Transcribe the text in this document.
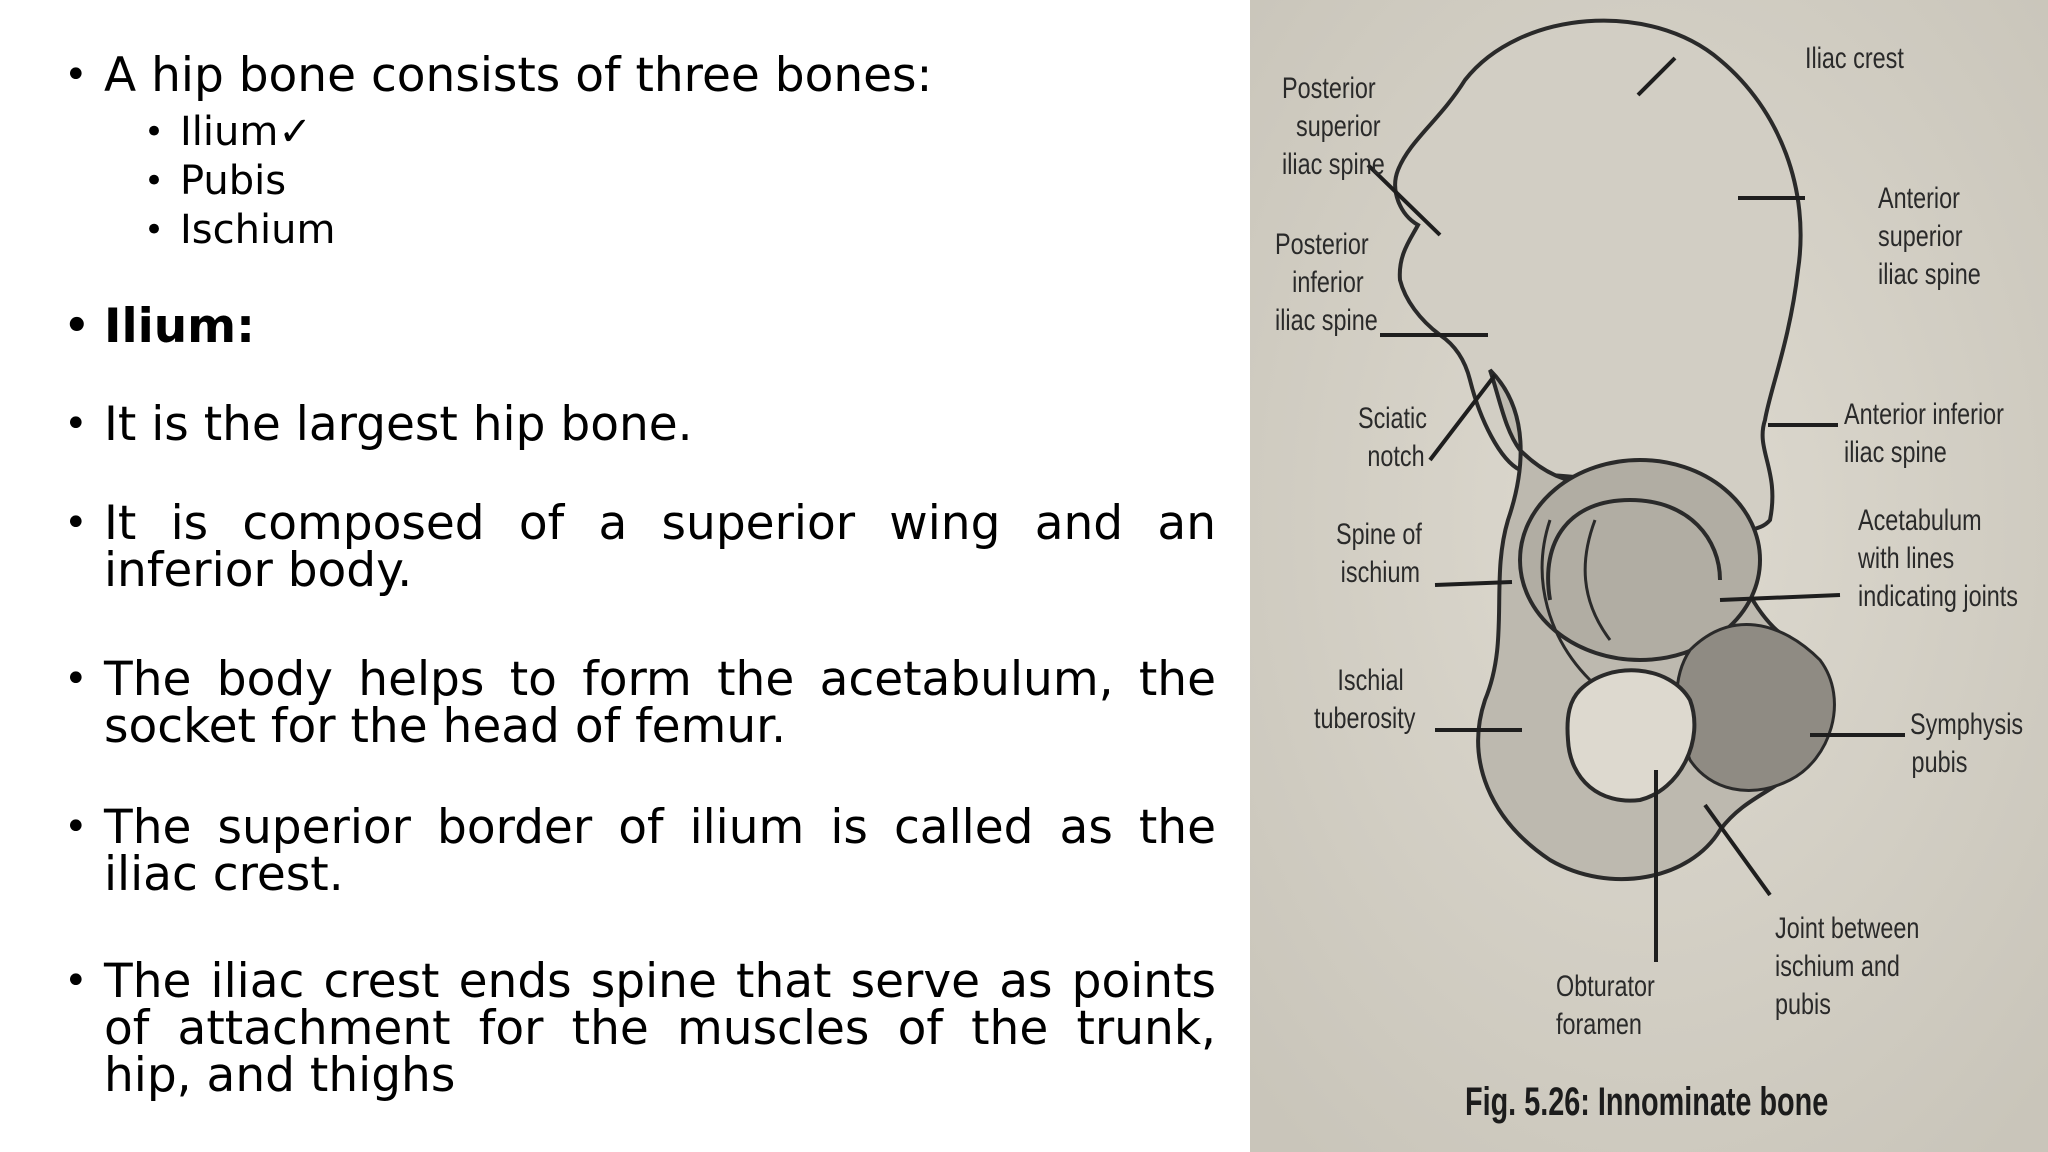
• A hip bone consists of three bones:
• Ilium✓
• Pubis
• Ischium
• Ilium:
• It is the largest hip bone.
• It is composed of a superior wing and an inferior body.
• The body helps to form the acetabulum, the socket for the head of femur.
• The superior border of ilium is called as the iliac crest.
• The iliac crest ends spine that serve as points of attachment for the muscles of the trunk, hip, and thighs
Iliac crest
Posterior
superior
iliac spine
Anterior
superior
iliac spine
Posterior
inferior
iliac spine
Sciatic
notch
Anterior inferior
iliac spine
Spine of
ischium
Acetabulum
with lines
indicating joints
Ischial
tuberosity	Symphysis
pubis
Joint between
ischium and
pubis
Obturator
foramen
Fig. 5.26: Innominate bone
